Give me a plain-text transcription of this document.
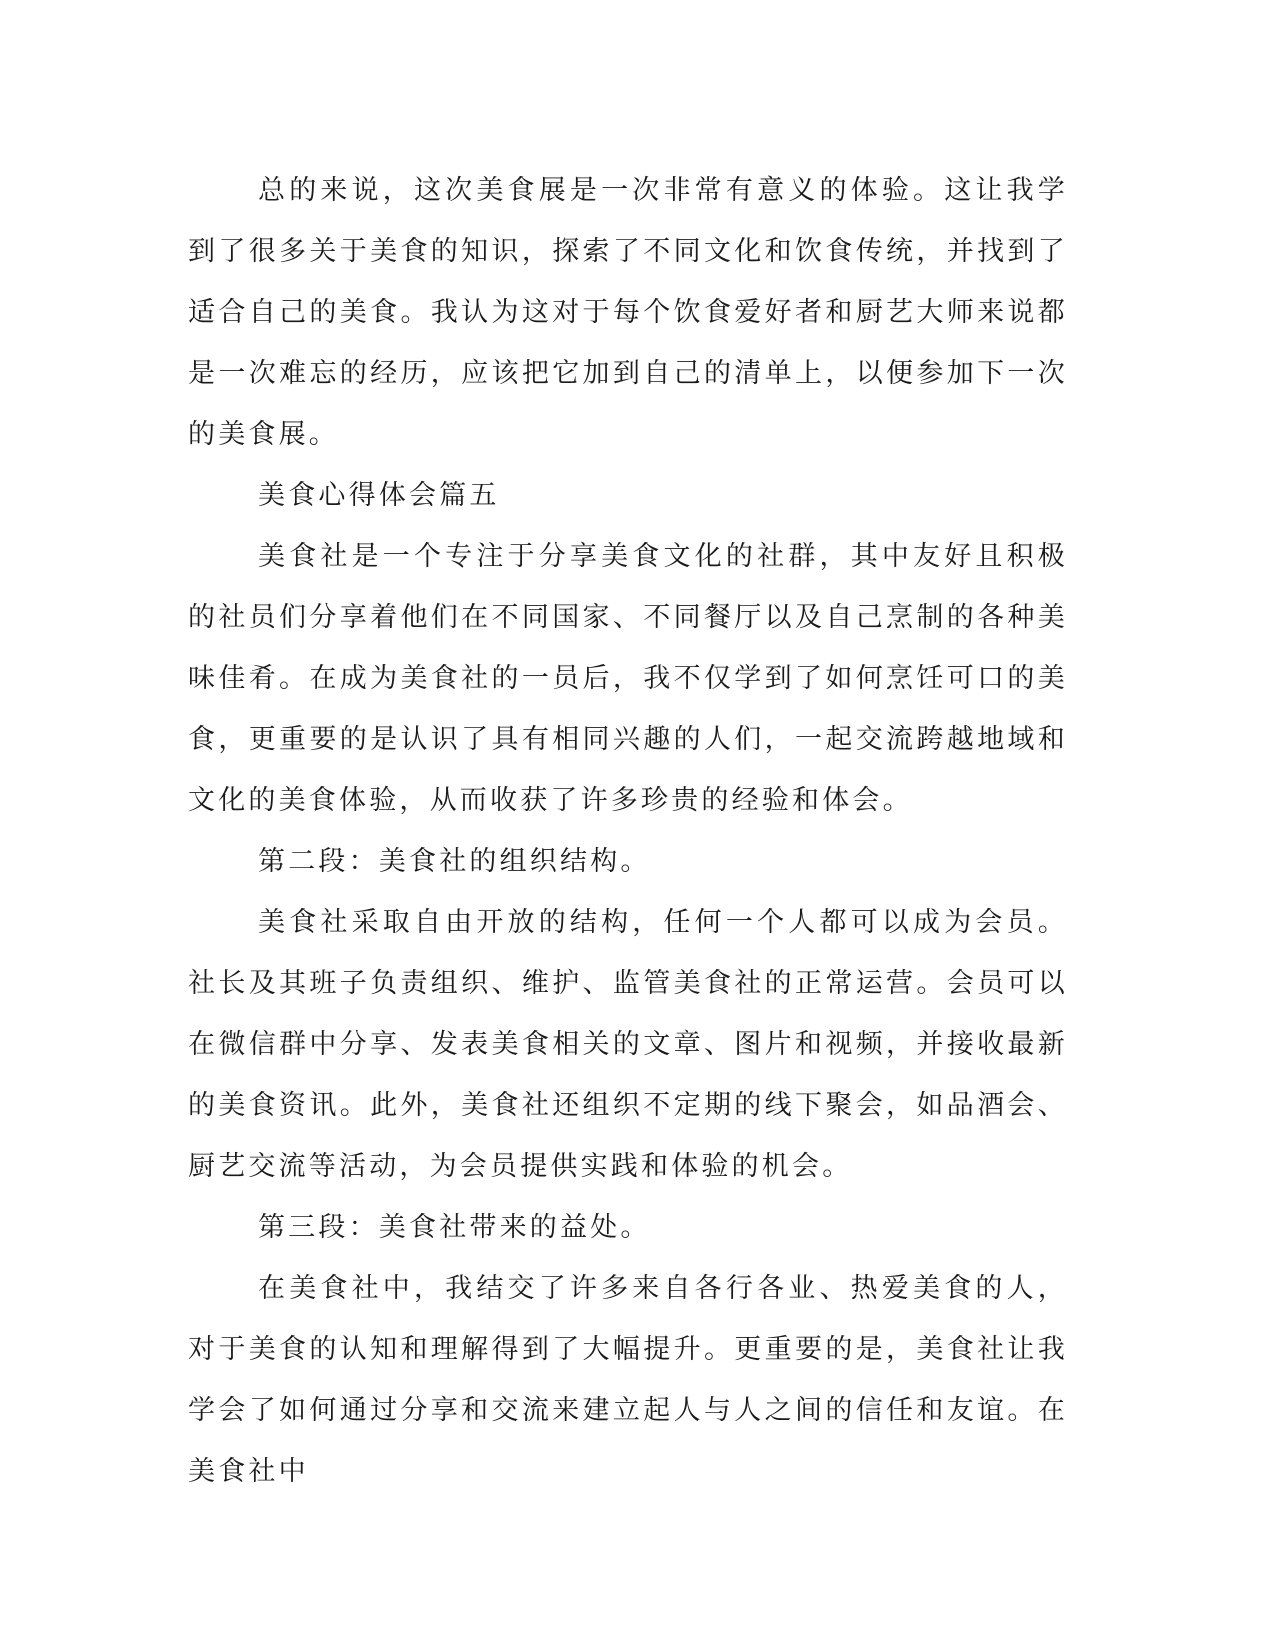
总的来说，这次美食展是一次非常有意义的体验。这让我学到了很多关于美食的知识，探索了不同文化和饮食传统，并找到了适合自己的美食。我认为这对于每个饮食爱好者和厨艺大师来说都是一次难忘的经历，应该把它加到自己的清单上，以便参加下一次的美食展。

美食心得体会篇五

美食社是一个专注于分享美食文化的社群，其中友好且积极的社员们分享着他们在不同国家、不同餐厅以及自己烹制的各种美味佳肴。在成为美食社的一员后，我不仅学到了如何烹饪可口的美食，更重要的是认识了具有相同兴趣的人们，一起交流跨越地域和文化的美食体验，从而收获了许多珍贵的经验和体会。

第二段：美食社的组织结构。

美食社采取自由开放的结构，任何一个人都可以成为会员。社长及其班子负责组织、维护、监管美食社的正常运营。会员可以在微信群中分享、发表美食相关的文章、图片和视频，并接收最新的美食资讯。此外，美食社还组织不定期的线下聚会，如品酒会、厨艺交流等活动，为会员提供实践和体验的机会。

第三段：美食社带来的益处。

在美食社中，我结交了许多来自各行各业、热爱美食的人，对于美食的认知和理解得到了大幅提升。更重要的是，美食社让我学会了如何通过分享和交流来建立起人与人之间的信任和友谊。在美食社中
